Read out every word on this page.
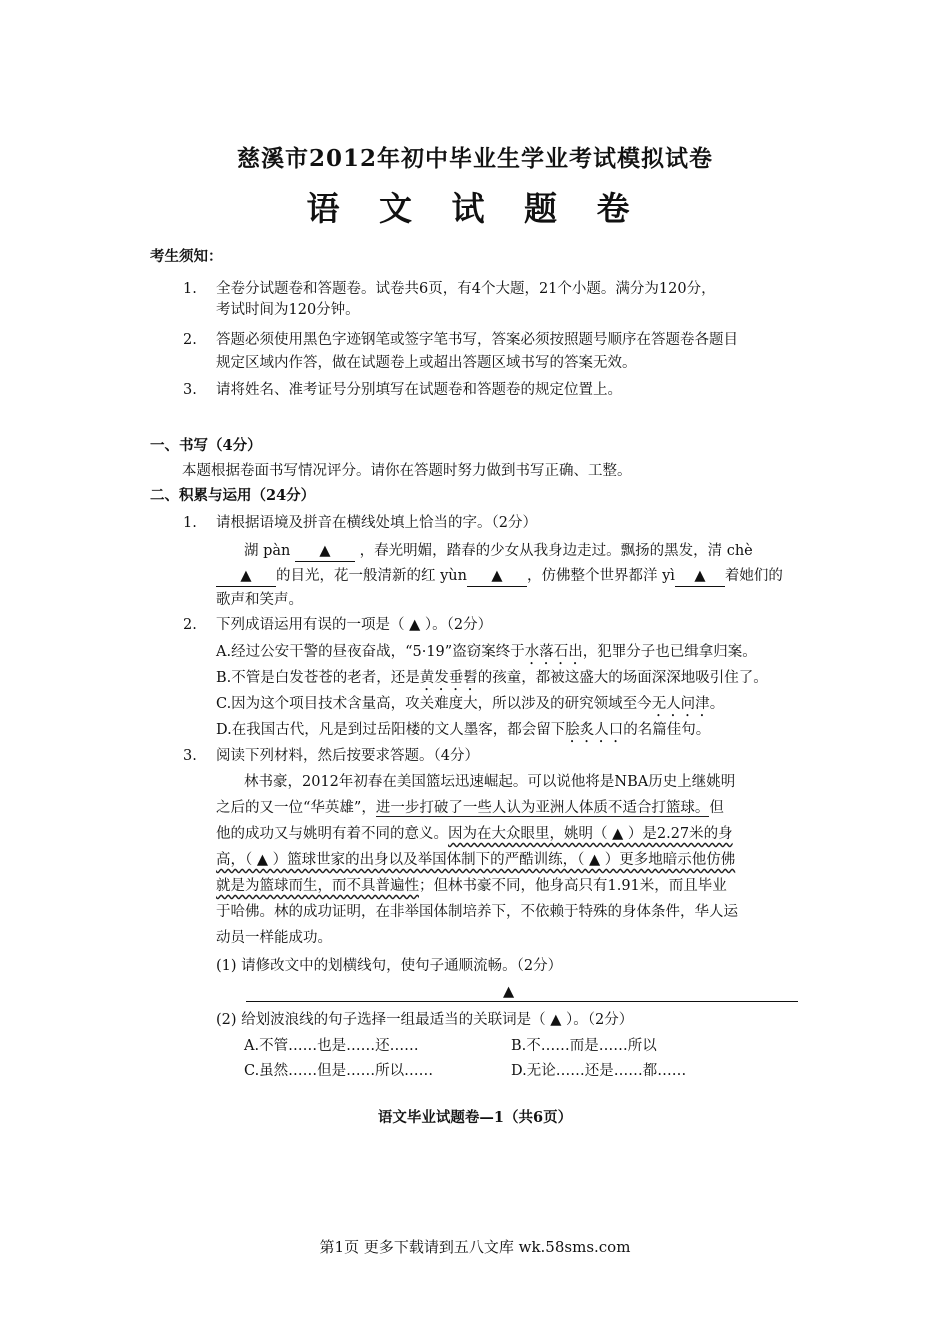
慈溪市2012年初中毕业生学业考试模拟试卷
语 文 试 题 卷
考生须知：
1. 全卷分试题卷和答题卷。试卷共6页，有4个大题，21个小题。满分为120分，
考试时间为120分钟。
2. 答题必须使用黑色字迹钢笔或签字笔书写，答案必须按照题号顺序在答题卷各题目
规定区域内作答，做在试题卷上或超出答题区域书写的答案无效。
3. 请将姓名、准考证号分别填写在试题卷和答题卷的规定位置上。
一、书写（4分）
本题根据卷面书写情况评分。请你在答题时努力做到书写正确、工整。
二、积累与运用（24分）
1. 请根据语境及拼音在横线处填上恰当的字。（2分）
湖 pàn ▲ ，春光明媚，踏春的少女从我身边走过。飘扬的黑发，清 chè
▲ 的目光，花一般清新的红 yùn ▲ ，仿佛整个世界都洋 yì ▲ 着她们的
歌声和笑声。
2. 下列成语运用有误的一项是（ ▲ ）。（2分）
A.经过公安干警的昼夜奋战，“5·19”盗窃案终于水落石出，犯罪分子也已缉拿归案。
B.不管是白发苍苍的老者，还是黄发垂髫的孩童，都被这盛大的场面深深地吸引住了。
C.因为这个项目技术含量高，攻关难度大，所以涉及的研究领域至今无人问津。
D.在我国古代，凡是到过岳阳楼的文人墨客，都会留下脍炙人口的名篇佳句。
3. 阅读下列材料，然后按要求答题。（4分）
林书豪，2012年初春在美国篮坛迅速崛起。可以说他将是NBA历史上继姚明
之后的又一位“华英雄”，进一步打破了一些人认为亚洲人体质不适合打篮球。但
他的成功又与姚明有着不同的意义。因为在大众眼里，姚明（ ▲ ）是2.27米的身
高，（ ▲ ）篮球世家的出身以及举国体制下的严酷训练，（ ▲ ）更多地暗示他仿佛
就是为篮球而生，而不具普遍性；但林书豪不同，他身高只有1.91米，而且毕业
于哈佛。林的成功证明，在非举国体制培养下，不依赖于特殊的身体条件，华人运
动员一样能成功。
(1) 请修改文中的划横线句，使句子通顺流畅。（2分）
▲
(2) 给划波浪线的句子选择一组最适当的关联词是（ ▲ ）。（2分）
A.不管……也是……还……	B.不……而是……所以
C.虽然……但是……所以……	D.无论……还是……都……
语文毕业试题卷—1（共6页）
第1页 更多下载请到五八文库 wk.58sms.com
